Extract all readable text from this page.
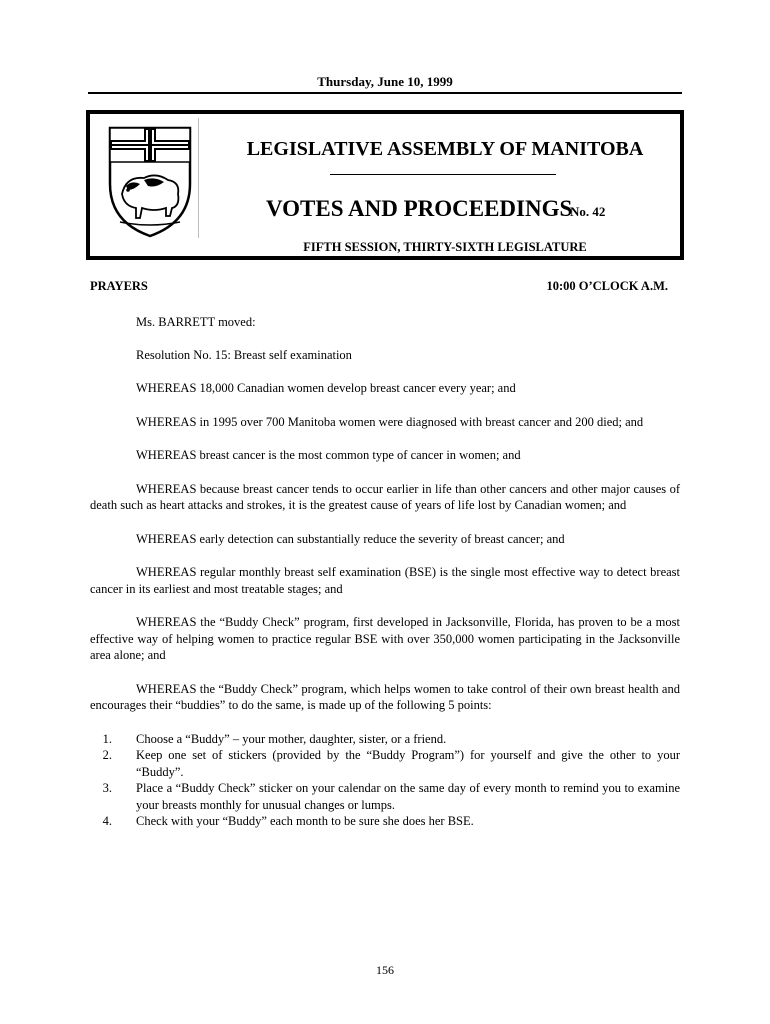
Thursday, June 10, 1999
LEGISLATIVE ASSEMBLY OF MANITOBA
VOTES AND PROCEEDINGS
No. 42
FIFTH SESSION, THIRTY-SIXTH LEGISLATURE
PRAYERS	10:00 O’CLOCK A.M.

Ms. BARRETT moved:

Resolution No. 15: Breast self examination

WHEREAS 18,000 Canadian women develop breast cancer every year; and

WHEREAS in 1995 over 700 Manitoba women were diagnosed with breast cancer and 200 died; and

WHEREAS breast cancer is the most common type of cancer in women; and

WHEREAS because breast cancer tends to occur earlier in life than other cancers and other major causes of death such as heart attacks and strokes, it is the greatest cause of years of life lost by Canadian women; and

WHEREAS early detection can substantially reduce the severity of breast cancer; and

WHEREAS regular monthly breast self examination (BSE) is the single most effective way to detect breast cancer in its earliest and most treatable stages; and

WHEREAS the “Buddy Check” program, first developed in Jacksonville, Florida, has proven to be a most effective way of helping women to practice regular BSE with over 350,000 women participating in the Jacksonville area alone; and

WHEREAS the “Buddy Check” program, which helps women to take control of their own breast health and encourages their “buddies” to do the same, is made up of the following 5 points:

1. Choose a “Buddy” – your mother, daughter, sister, or a friend.
2. Keep one set of stickers (provided by the “Buddy Program”) for yourself and give the other to your “Buddy”.
3. Place a “Buddy Check” sticker on your calendar on the same day of every month to remind you to examine your breasts monthly for unusual changes or lumps.
4. Check with your “Buddy” each month to be sure she does her BSE.
156
